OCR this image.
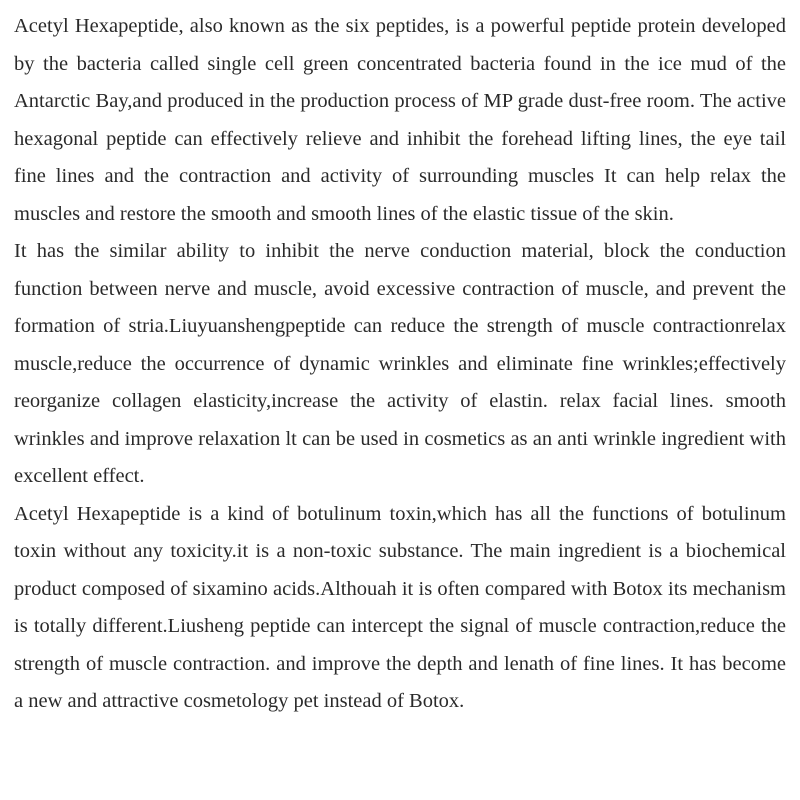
Acetyl Hexapeptide, also known as the six peptides, is a powerful peptide protein developed by the bacteria called single cell green concentrated bacteria found in the ice mud of the Antarctic Bay,and produced in the production process of MP grade dust-free room. The active hexagonal peptide can effectively relieve and inhibit the forehead lifting lines, the eye tail fine lines and the contraction and activity of surrounding muscles It can help relax the muscles and restore the smooth and smooth lines of the elastic tissue of the skin.

It has the similar ability to inhibit the nerve conduction material, block the conduction function between nerve and muscle, avoid excessive contraction of muscle, and prevent the formation of stria.Liuyuanshengpeptide can reduce the strength of muscle contractionrelax muscle,reduce the occurrence of dynamic wrinkles and eliminate fine wrinkles;effectively reorganize collagen elasticity,increase the activity of elastin. relax facial lines. smooth wrinkles and improve relaxation lt can be used in cosmetics as an anti wrinkle ingredient with excellent effect.

Acetyl Hexapeptide is a kind of botulinum toxin,which has all the functions of botulinum toxin without any toxicity.it is a non-toxic substance. The main ingredient is a biochemical product composed of sixamino acids.Althouah it is often compared with Botox its mechanism is totally different.Liusheng peptide can intercept the signal of muscle contraction,reduce the strength of muscle contraction. and improve the depth and lenath of fine lines. It has become a new and attractive cosmetology pet instead of Botox.
